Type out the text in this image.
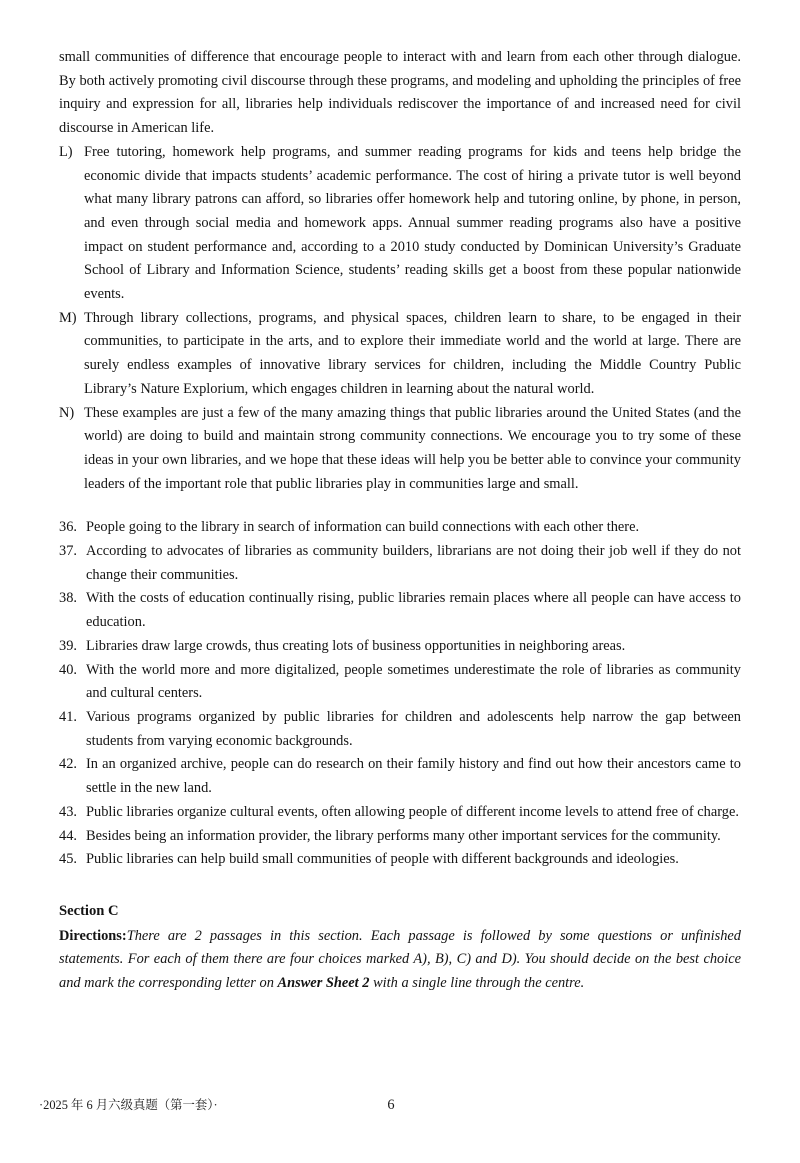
small communities of difference that encourage people to interact with and learn from each other through dialogue. By both actively promoting civil discourse through these programs, and modeling and upholding the principles of free inquiry and expression for all, libraries help individuals rediscover the importance of and increased need for civil discourse in American life.
L) Free tutoring, homework help programs, and summer reading programs for kids and teens help bridge the economic divide that impacts students’ academic performance. The cost of hiring a private tutor is well beyond what many library patrons can afford, so libraries offer homework help and tutoring online, by phone, in person, and even through social media and homework apps. Annual summer reading programs also have a positive impact on student performance and, according to a 2010 study conducted by Dominican University’s Graduate School of Library and Information Science, students’ reading skills get a boost from these popular nationwide events.
M) Through library collections, programs, and physical spaces, children learn to share, to be engaged in their communities, to participate in the arts, and to explore their immediate world and the world at large. There are surely endless examples of innovative library services for children, including the Middle Country Public Library’s Nature Explorium, which engages children in learning about the natural world.
N) These examples are just a few of the many amazing things that public libraries around the United States (and the world) are doing to build and maintain strong community connections. We encourage you to try some of these ideas in your own libraries, and we hope that these ideas will help you be better able to convince your community leaders of the important role that public libraries play in communities large and small.
36. People going to the library in search of information can build connections with each other there.
37. According to advocates of libraries as community builders, librarians are not doing their job well if they do not change their communities.
38. With the costs of education continually rising, public libraries remain places where all people can have access to education.
39. Libraries draw large crowds, thus creating lots of business opportunities in neighboring areas.
40. With the world more and more digitalized, people sometimes underestimate the role of libraries as community and cultural centers.
41. Various programs organized by public libraries for children and adolescents help narrow the gap between students from varying economic backgrounds.
42. In an organized archive, people can do research on their family history and find out how their ancestors came to settle in the new land.
43. Public libraries organize cultural events, often allowing people of different income levels to attend free of charge.
44. Besides being an information provider, the library performs many other important services for the community.
45. Public libraries can help build small communities of people with different backgrounds and ideologies.
Section C
Directions:There are 2 passages in this section. Each passage is followed by some questions or unfinished statements. For each of them there are four choices marked A), B), C) and D). You should decide on the best choice and mark the corresponding letter on Answer Sheet 2 with a single line through the centre.
·2025 年 6 月六级真题（第一套）·	6
